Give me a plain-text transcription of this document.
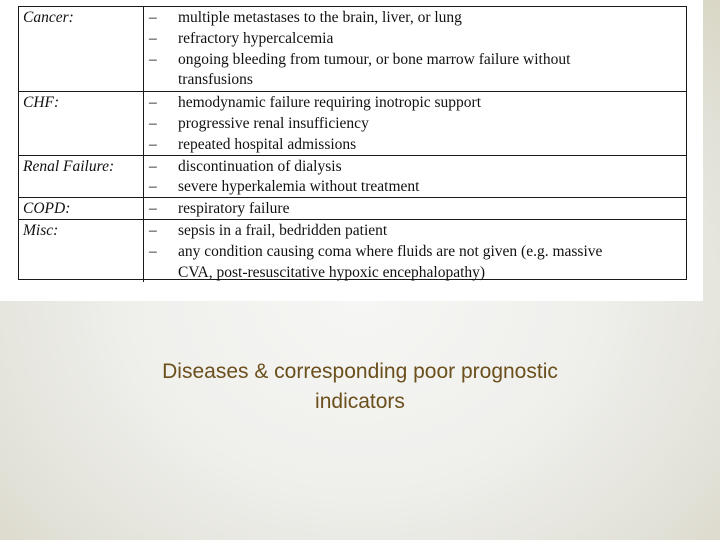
Cancer:	– multiple metastases to the brain, liver, or lung
– refractory hypercalcemia
– ongoing bleeding from tumour, or bone marrow failure without
transfusions
CHF:	– hemodynamic failure requiring inotropic support
– progressive renal insufficiency
– repeated hospital admissions
Renal Failure: – discontinuation of dialysis
– severe hyperkalemia without treatment
COPD:	– respiratory failure
Misc:	– sepsis in a frail, bedridden patient
– any condition causing coma where fluids are not given (e.g. massive
CVA, post-resuscitative hypoxic encephalopathy)
Diseases & corresponding poor prognostic
indicators
